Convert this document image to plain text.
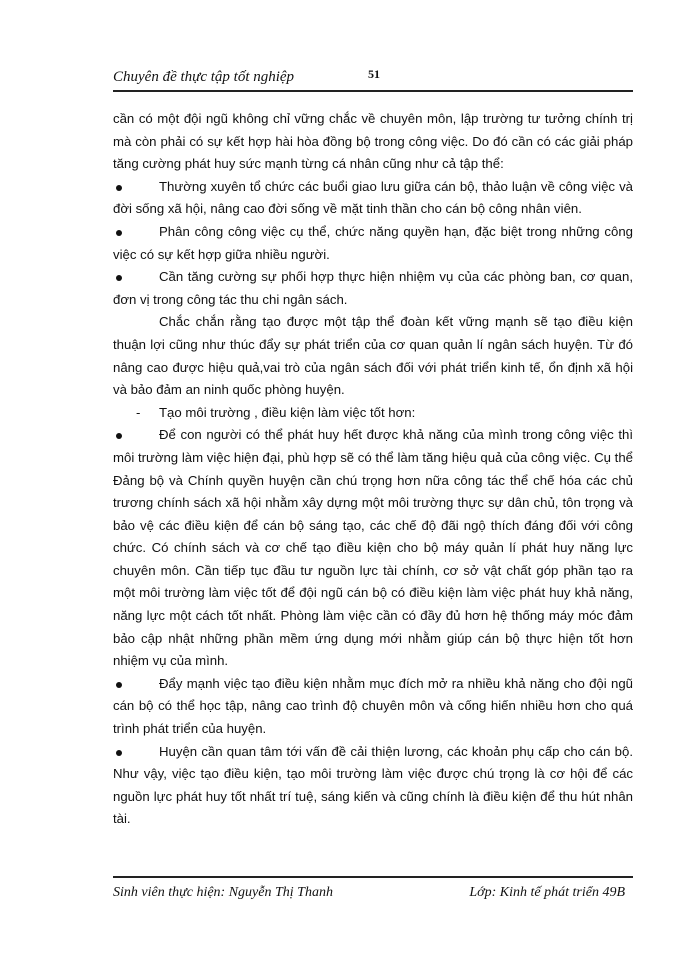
Chuyên đề thực tập tốt nghiệp	51

cần có một đội ngũ không chỉ vững chắc về chuyên môn, lập trường tư tưởng chính trị mà còn phải có sự kết hợp hài hòa đồng bộ trong công việc. Do đó cần có các giải pháp tăng cường phát huy sức mạnh từng cá nhân cũng như cả tập thể:

Thường xuyên tổ chức các buổi giao lưu giữa cán bộ, thảo luận về công việc và đời sống xã hội, nâng cao đời sống về mặt tinh thần cho cán bộ công nhân viên.

Phân công công việc cụ thể, chức năng quyền hạn, đặc biệt trong những công việc có sự kết hợp giữa nhiều người.

Cần tăng cường sự phối hợp thực hiện nhiệm vụ của các phòng ban, cơ quan, đơn vị trong công tác thu chi ngân sách.

Chắc chắn rằng tạo được một tập thể đoàn kết vững mạnh sẽ tạo điều kiện thuận lợi cũng như thúc đẩy sự phát triển của cơ quan quản lí ngân sách huyện. Từ đó nâng cao được hiệu quả,vai trò của ngân sách đối với phát triển kinh tế, ổn định xã hội và bảo đảm an ninh quốc phòng huyện.

- Tạo môi trường , điều kiện làm việc tốt hơn:

Để con người có thể phát huy hết được khả năng của mình trong công việc thì môi trường làm việc hiện đại, phù hợp sẽ có thể làm tăng hiệu quả của công việc. Cụ thể Đảng bộ và Chính quyền huyện cần chú trọng hơn nữa công tác thể chế hóa các chủ trương chính sách xã hội nhằm xây dựng một môi trường thực sự dân chủ, tôn trọng và bảo vệ các điều kiện để cán bộ sáng tạo, các chế độ đãi ngộ thích đáng đối với công chức. Có chính sách và cơ chế tạo điều kiện cho bộ máy quản lí phát huy năng lực chuyên môn. Cần tiếp tục đầu tư nguồn lực tài chính, cơ sở vật chất góp phần tạo ra một môi trường làm việc tốt để đội ngũ cán bộ có điều kiện làm việc phát huy khả năng, năng lực một cách tốt nhất. Phòng làm việc cần có đầy đủ hơn hệ thống máy móc đảm bảo cập nhật những phần mềm ứng dụng mới nhằm giúp cán bộ thực hiện tốt hơn nhiệm vụ của mình.

Đẩy mạnh việc tạo điều kiện nhằm mục đích mở ra nhiều khả năng cho đội ngũ cán bộ có thể học tập, nâng cao trình độ chuyên môn và cống hiến nhiều hơn cho quá trình phát triển của huyện.

Huyện cần quan tâm tới vấn đề cải thiện lương, các khoản phụ cấp cho cán bộ. Như vậy, việc tạo điều kiện, tạo môi trường làm việc được chú trọng là cơ hội để các nguồn lực phát huy tốt nhất trí tuệ, sáng kiến và cũng chính là điều kiện để thu hút nhân tài.

Sinh viên thực hiện: Nguyễn Thị Thanh	Lớp: Kinh tế phát triển 49B
